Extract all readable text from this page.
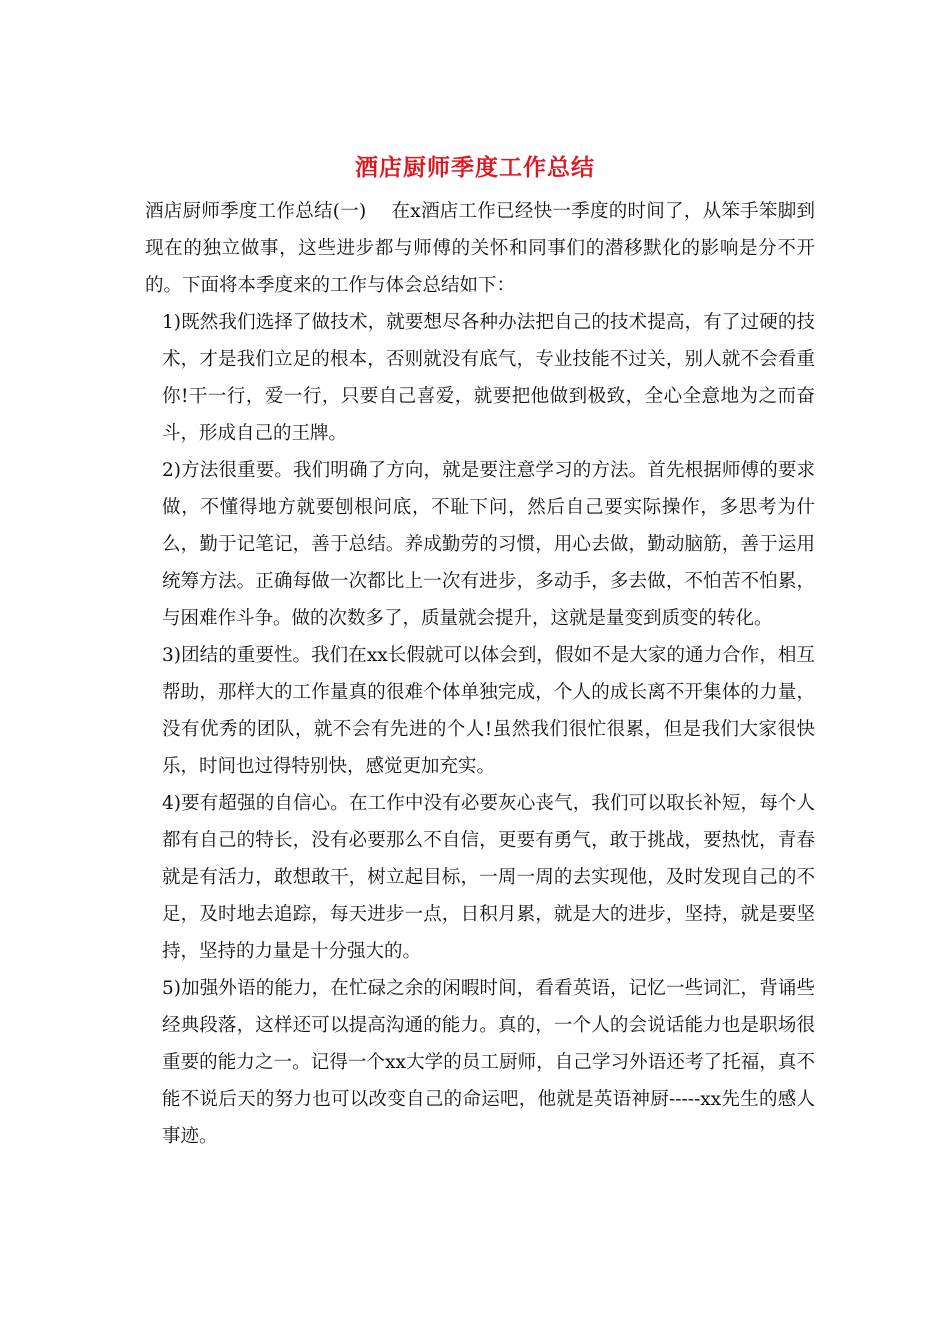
酒店厨师季度工作总结

酒店厨师季度工作总结(一)　 在x酒店工作已经快一季度的时间了，从笨手笨脚到现在的独立做事，这些进步都与师傅的关怀和同事们的潜移默化的影响是分不开的。下面将本季度来的工作与体会总结如下：

1)既然我们选择了做技术，就要想尽各种办法把自己的技术提高，有了过硬的技术，才是我们立足的根本，否则就没有底气，专业技能不过关，别人就不会看重你!干一行，爱一行，只要自己喜爱，就要把他做到极致，全心全意地为之而奋斗，形成自己的王牌。

2)方法很重要。我们明确了方向，就是要注意学习的方法。首先根据师傅的要求做，不懂得地方就要刨根问底，不耻下问，然后自己要实际操作，多思考为什么，勤于记笔记，善于总结。养成勤劳的习惯，用心去做，勤动脑筋，善于运用统筹方法。正确每做一次都比上一次有进步，多动手，多去做，不怕苦不怕累，与困难作斗争。做的次数多了，质量就会提升，这就是量变到质变的转化。

3)团结的重要性。我们在xx长假就可以体会到，假如不是大家的通力合作，相互帮助，那样大的工作量真的很难个体单独完成，个人的成长离不开集体的力量，没有优秀的团队，就不会有先进的个人!虽然我们很忙很累，但是我们大家很快乐，时间也过得特别快，感觉更加充实。

4)要有超强的自信心。在工作中没有必要灰心丧气，我们可以取长补短，每个人都有自己的特长，没有必要那么不自信，更要有勇气，敢于挑战，要热忱，青春就是有活力，敢想敢干，树立起目标，一周一周的去实现他，及时发现自己的不足，及时地去追踪，每天进步一点，日积月累，就是大的进步，坚持，就是要坚持，坚持的力量是十分强大的。

5)加强外语的能力，在忙碌之余的闲暇时间，看看英语，记忆一些词汇，背诵些经典段落，这样还可以提高沟通的能力。真的，一个人的会说话能力也是职场很重要的能力之一。记得一个xx大学的员工厨师，自己学习外语还考了托福，真不能不说后天的努力也可以改变自己的命运吧，他就是英语神厨-----xx先生的感人事迹。
